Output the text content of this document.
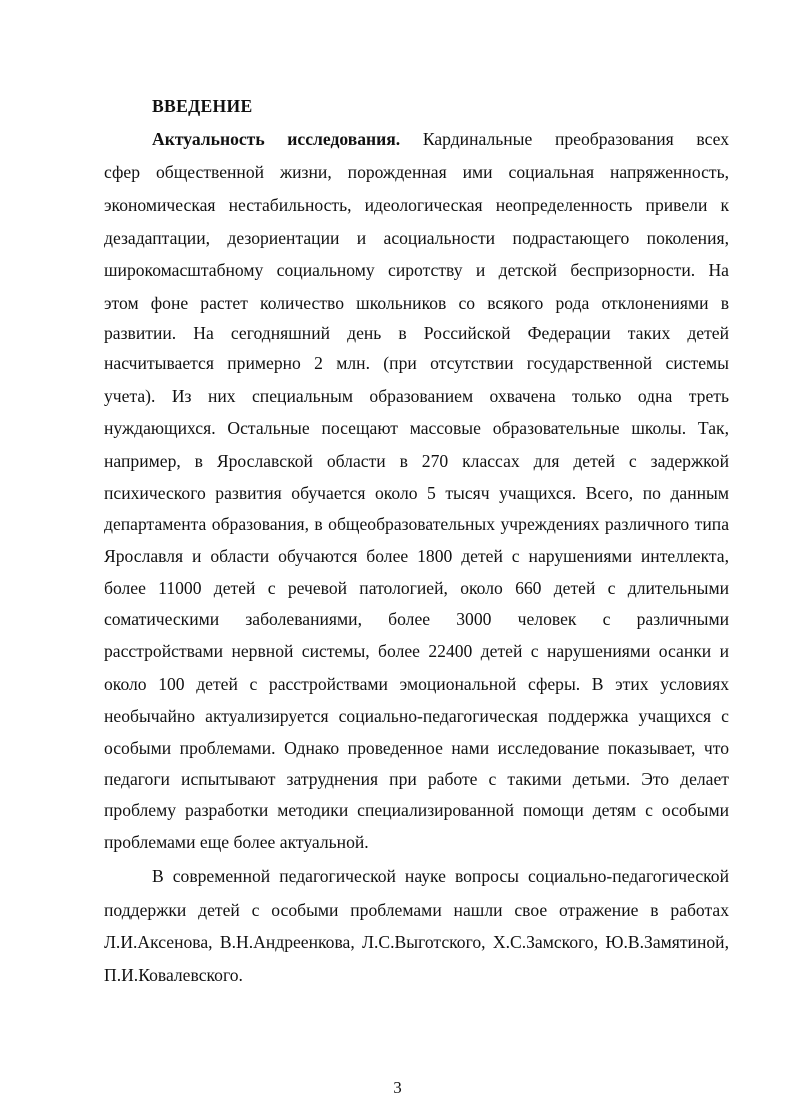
ВВЕДЕНИЕ
Актуальность исследования. Кардинальные преобразования всех
сфер общественной жизни, порожденная ими социальная напряженность,
экономическая нестабильность, идеологическая неопределенность привели к
дезадаптации, дезориентации и асоциальности подрастающего поколения,
широкомасштабному социальному сиротству и детской беспризорности. На
этом фоне растет количество школьников со всякого рода отклонениями в
развитии. На сегодняшний день в Российской Федерации таких детей
насчитывается примерно 2 млн. (при отсутствии государственной системы
учета). Из них специальным образованием охвачена только одна треть
нуждающихся. Остальные посещают массовые образовательные школы. Так,
например, в Ярославской области в 270 классах для детей с задержкой
психического развития обучается около 5 тысяч учащихся. Всего, по данным
департамента образования, в общеобразовательных учреждениях различного типа
Ярославля и области обучаются более 1800 детей с нарушениями интеллекта,
более 11000 детей с речевой патологией, около 660 детей с длительными
соматическими заболеваниями, более 3000 человек с различными
расстройствами нервной системы, более 22400 детей с нарушениями осанки и
около 100 детей с расстройствами эмоциональной сферы. В этих условиях
необычайно актуализируется социально-педагогическая поддержка учащихся с
особыми проблемами. Однако проведенное нами исследование показывает, что
педагоги испытывают затруднения при работе с такими детьми. Это делает
проблему разработки методики специализированной помощи детям с особыми
проблемами еще более актуальной.
В современной педагогической науке вопросы социально-педагогической
поддержки детей с особыми проблемами нашли свое отражение в работах
Л.И.Аксенова, В.Н.Андреенкова, Л.С.Выготского, Х.С.Замского, Ю.В.Замятиной,
П.И.Ковалевского.
3
